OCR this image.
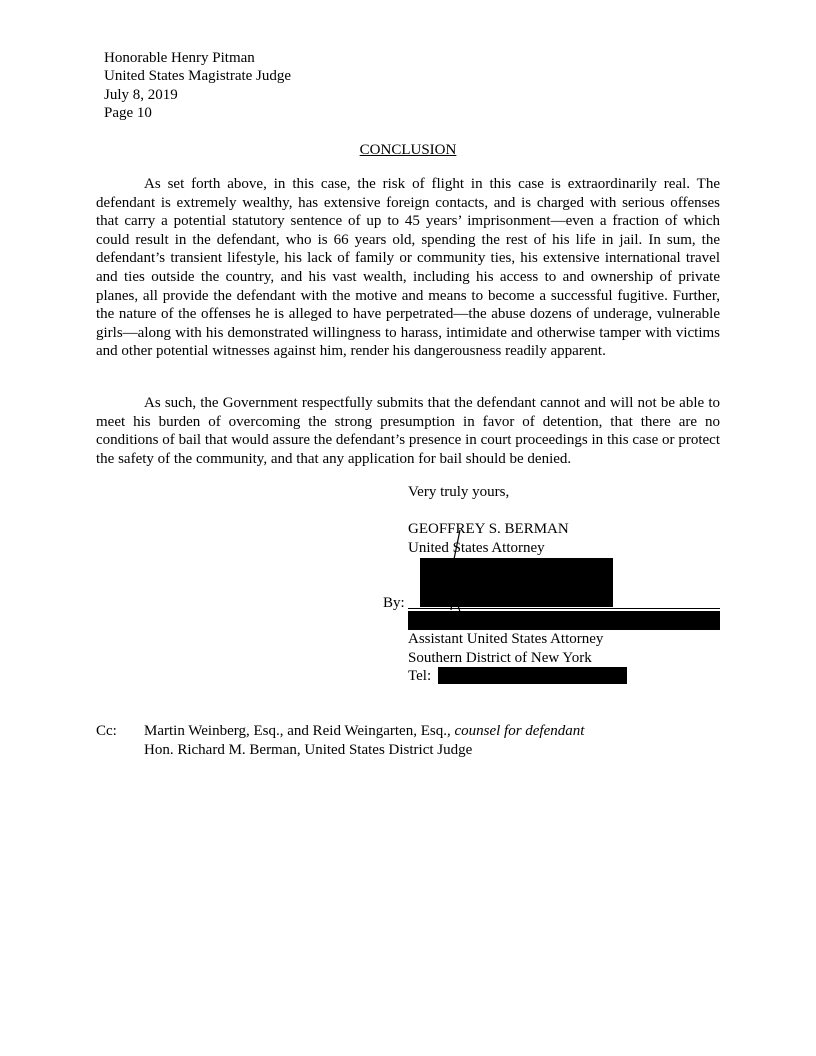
Honorable Henry Pitman
United States Magistrate Judge
July 8, 2019
Page 10
CONCLUSION

As set forth above, in this case, the risk of flight in this case is extraordinarily real. The defendant is extremely wealthy, has extensive foreign contacts, and is charged with serious offenses that carry a potential statutory sentence of up to 45 years’ imprisonment—even a fraction of which could result in the defendant, who is 66 years old, spending the rest of his life in jail. In sum, the defendant’s transient lifestyle, his lack of family or community ties, his extensive international travel and ties outside the country, and his vast wealth, including his access to and ownership of private planes, all provide the defendant with the motive and means to become a successful fugitive. Further, the nature of the offenses he is alleged to have perpetrated—the abuse dozens of underage, vulnerable girls—along with his demonstrated willingness to harass, intimidate and otherwise tamper with victims and other potential witnesses against him, render his dangerousness readily apparent.

As such, the Government respectfully submits that the defendant cannot and will not be able to meet his burden of overcoming the strong presumption in favor of detention, that there are no conditions of bail that would assure the defendant’s presence in court proceedings in this case or protect the safety of the community, and that any application for bail should be denied.

Very truly yours,
GEOFFREY S. BERMAN
United States Attorney
By:
Assistant United States Attorney
Southern District of New York
Tel:
Cc: Martin Weinberg, Esq., and Reid Weingarten, Esq., counsel for defendant
Hon. Richard M. Berman, United States District Judge
